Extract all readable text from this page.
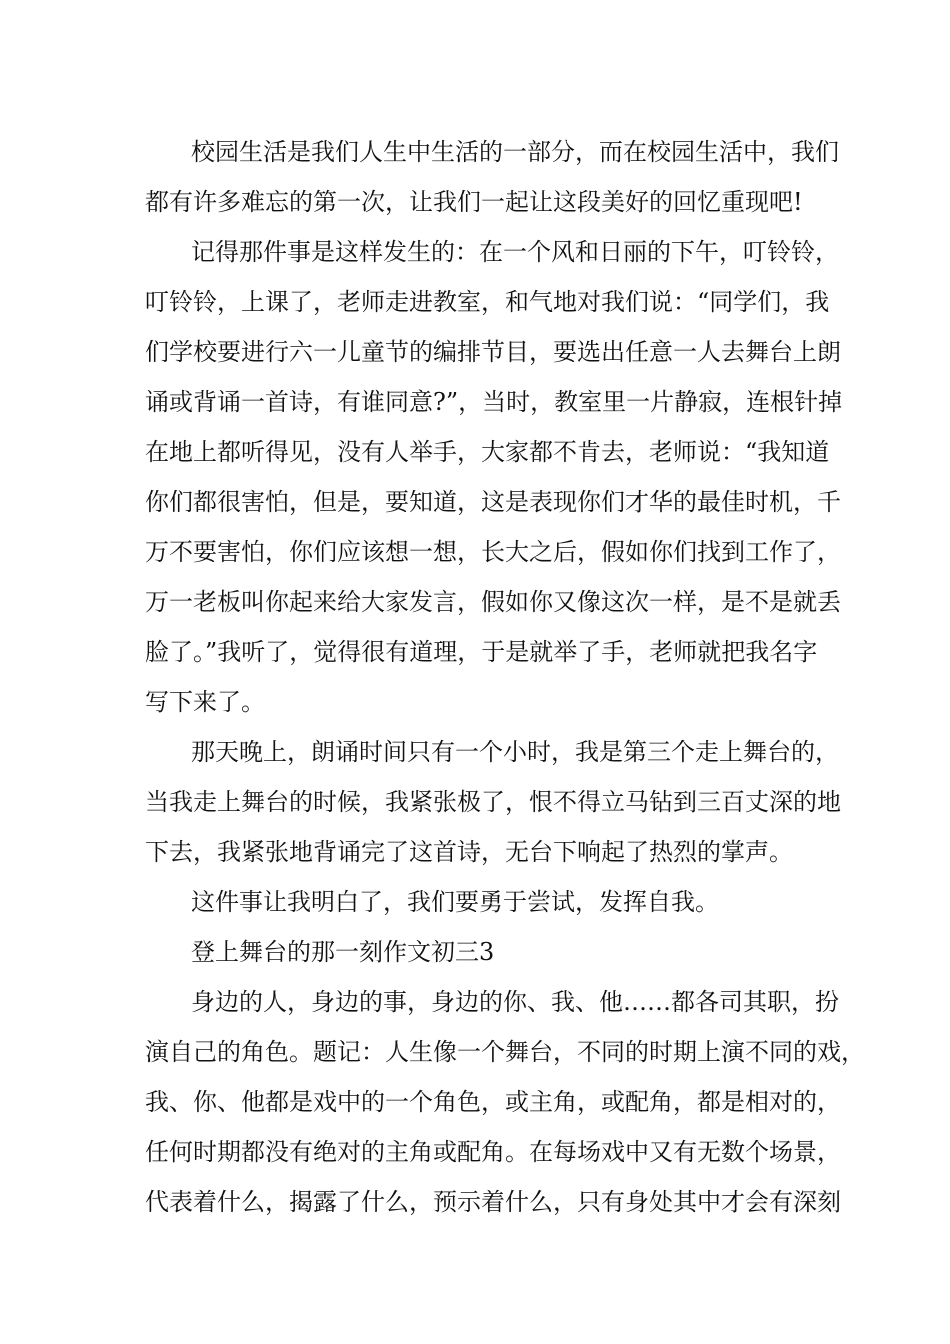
校园生活是我们人生中生活的一部分，而在校园生活中，我们
都有许多难忘的第一次，让我们一起让这段美好的回忆重现吧!
记得那件事是这样发生的：在一个风和日丽的下午，叮铃铃，
叮铃铃，上课了，老师走进教室，和气地对我们说：“同学们，我
们学校要进行六一儿童节的编排节目，要选出任意一人去舞台上朗
诵或背诵一首诗，有谁同意?”，当时，教室里一片静寂，连根针掉
在地上都听得见，没有人举手，大家都不肯去，老师说：“我知道
你们都很害怕，但是，要知道，这是表现你们才华的最佳时机，千
万不要害怕，你们应该想一想，长大之后，假如你们找到工作了，
万一老板叫你起来给大家发言，假如你又像这次一样，是不是就丢
脸了。”我听了，觉得很有道理，于是就举了手，老师就把我名字
写下来了。
那天晚上，朗诵时间只有一个小时，我是第三个走上舞台的，
当我走上舞台的时候，我紧张极了，恨不得立马钻到三百丈深的地
下去，我紧张地背诵完了这首诗，无台下响起了热烈的掌声。
这件事让我明白了，我们要勇于尝试，发挥自我。
登上舞台的那一刻作文初三3
身边的人，身边的事，身边的你、我、他……都各司其职，扮
演自己的角色。题记：人生像一个舞台，不同的时期上演不同的戏，
我、你、他都是戏中的一个角色，或主角，或配角，都是相对的，
任何时期都没有绝对的主角或配角。在每场戏中又有无数个场景，
代表着什么，揭露了什么，预示着什么，只有身处其中才会有深刻
